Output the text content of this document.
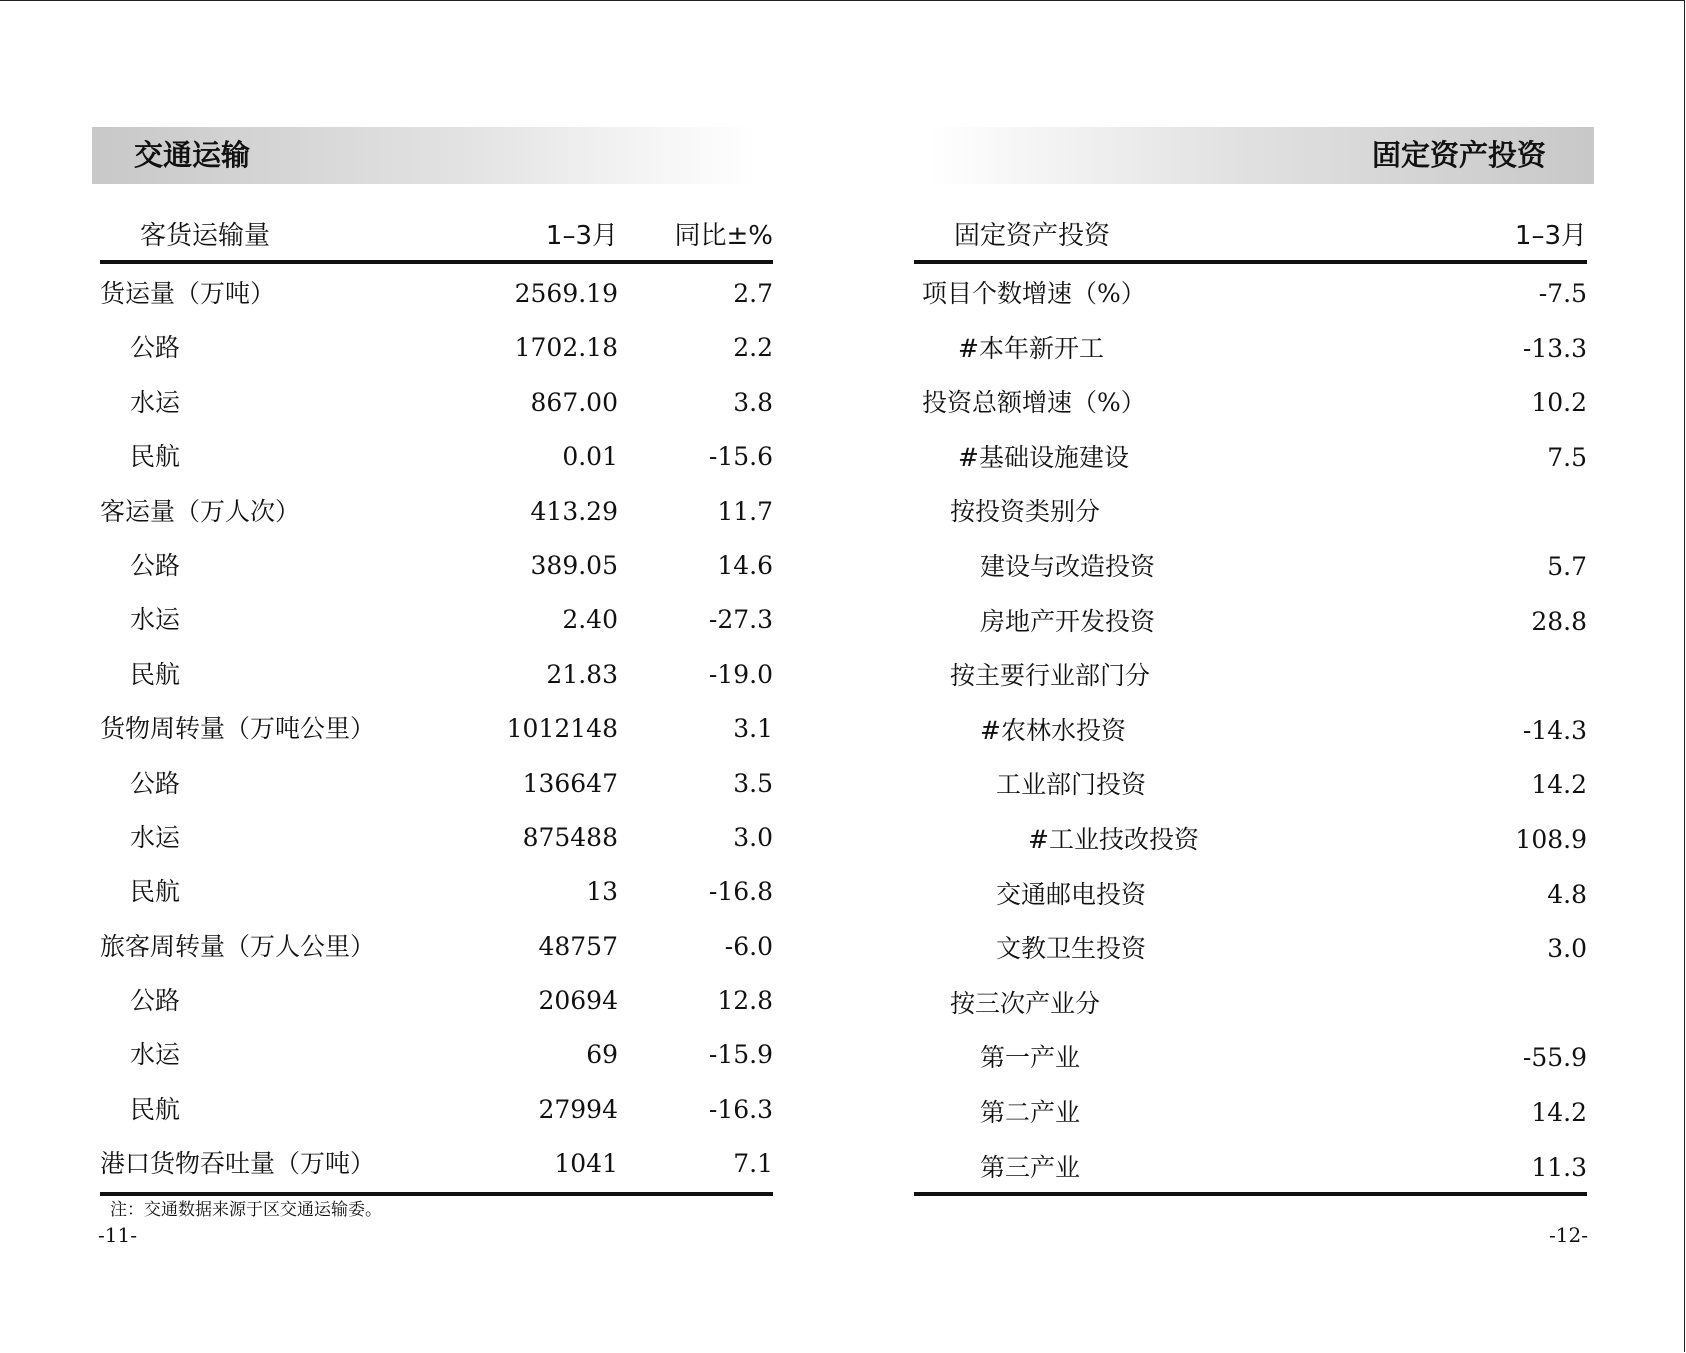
交通运输
客货运输量	1–3月 同比±%
货运量（万吨）	2569.19	2.7
公路	1702.18	2.2
水运	867.00	3.8
民航	0.01	-15.6
客运量（万人次）	413.29	11.7
公路	389.05	14.6
水运	2.40	-27.3
民航	21.83	-19.0
货物周转量（万吨公里）	1012148	3.1
公路	136647	3.5
水运	875488	3.0
民航	13	-16.8
旅客周转量（万人公里）	48757	-6.0
公路	20694	12.8
水运	69	-15.9
民航	27994	-16.3
港口货物吞吐量（万吨）	1041	7.1
注：交通数据来源于区交通运输委。
-11-
固定资产投资
固定资产投资	1–3月
项目个数增速（%）	-7.5
#本年新开工	-13.3
投资总额增速（%）	10.2
#基础设施建设	7.5
按投资类别分
建设与改造投资	5.7
房地产开发投资	28.8
按主要行业部门分
#农林水投资	-14.3
工业部门投资	14.2
#工业技改投资	108.9
交通邮电投资	4.8
文教卫生投资	3.0
按三次产业分
第一产业	-55.9
第二产业	14.2
第三产业	11.3
-12-
